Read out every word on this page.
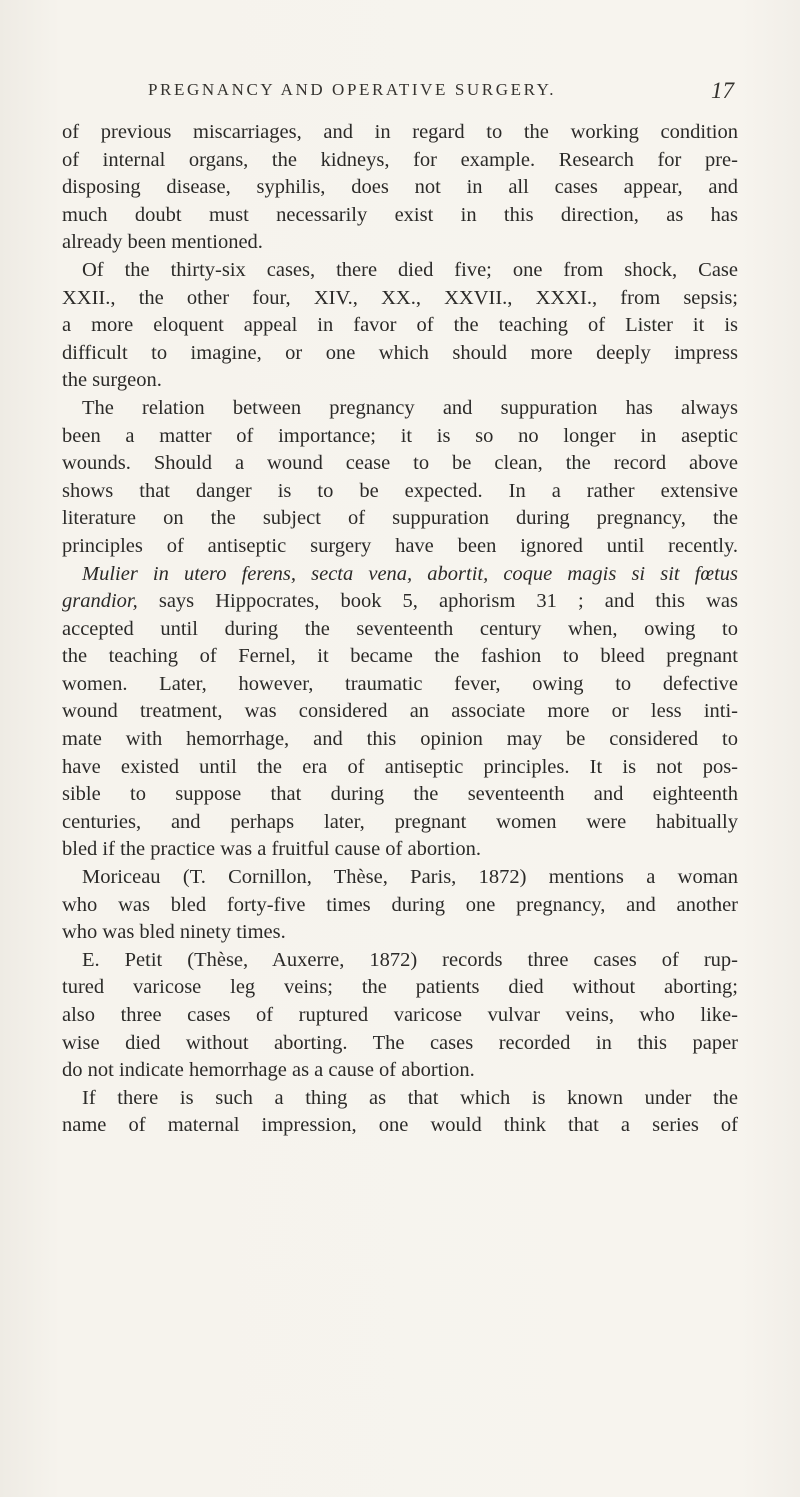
PREGNANCY AND OPERATIVE SURGERY.	17
of previous miscarriages, and in regard to the working condition
of internal organs, the kidneys, for example. Research for pre-
disposing disease, syphilis, does not in all cases appear, and
much doubt must necessarily exist in this direction, as has
already been mentioned.
Of the thirty-six cases, there died five; one from shock, Case
XXII., the other four, XIV., XX., XXVII., XXXI., from sepsis;
a more eloquent appeal in favor of the teaching of Lister it is
difficult to imagine, or one which should more deeply impress
the surgeon.
The relation between pregnancy and suppuration has always
been a matter of importance; it is so no longer in aseptic
wounds. Should a wound cease to be clean, the record above
shows that danger is to be expected. In a rather extensive
literature on the subject of suppuration during pregnancy, the
principles of antiseptic surgery have been ignored until recently.
Mulier in utero ferens, secta vena, abortit, coque magis si sit fœtus
grandior, says Hippocrates, book 5, aphorism 31 ; and this was
accepted until during the seventeenth century when, owing to
the teaching of Fernel, it became the fashion to bleed pregnant
women. Later, however, traumatic fever, owing to defective
wound treatment, was considered an associate more or less inti-
mate with hemorrhage, and this opinion may be considered to
have existed until the era of antiseptic principles. It is not pos-
sible to suppose that during the seventeenth and eighteenth
centuries, and perhaps later, pregnant women were habitually
bled if the practice was a fruitful cause of abortion.
Moriceau (T. Cornillon, Thèse, Paris, 1872) mentions a woman
who was bled forty-five times during one pregnancy, and another
who was bled ninety times.
E. Petit (Thèse, Auxerre, 1872) records three cases of rup-
tured varicose leg veins; the patients died without aborting;
also three cases of ruptured varicose vulvar veins, who like-
wise died without aborting. The cases recorded in this paper
do not indicate hemorrhage as a cause of abortion.
If there is such a thing as that which is known under the
name of maternal impression, one would think that a series of
